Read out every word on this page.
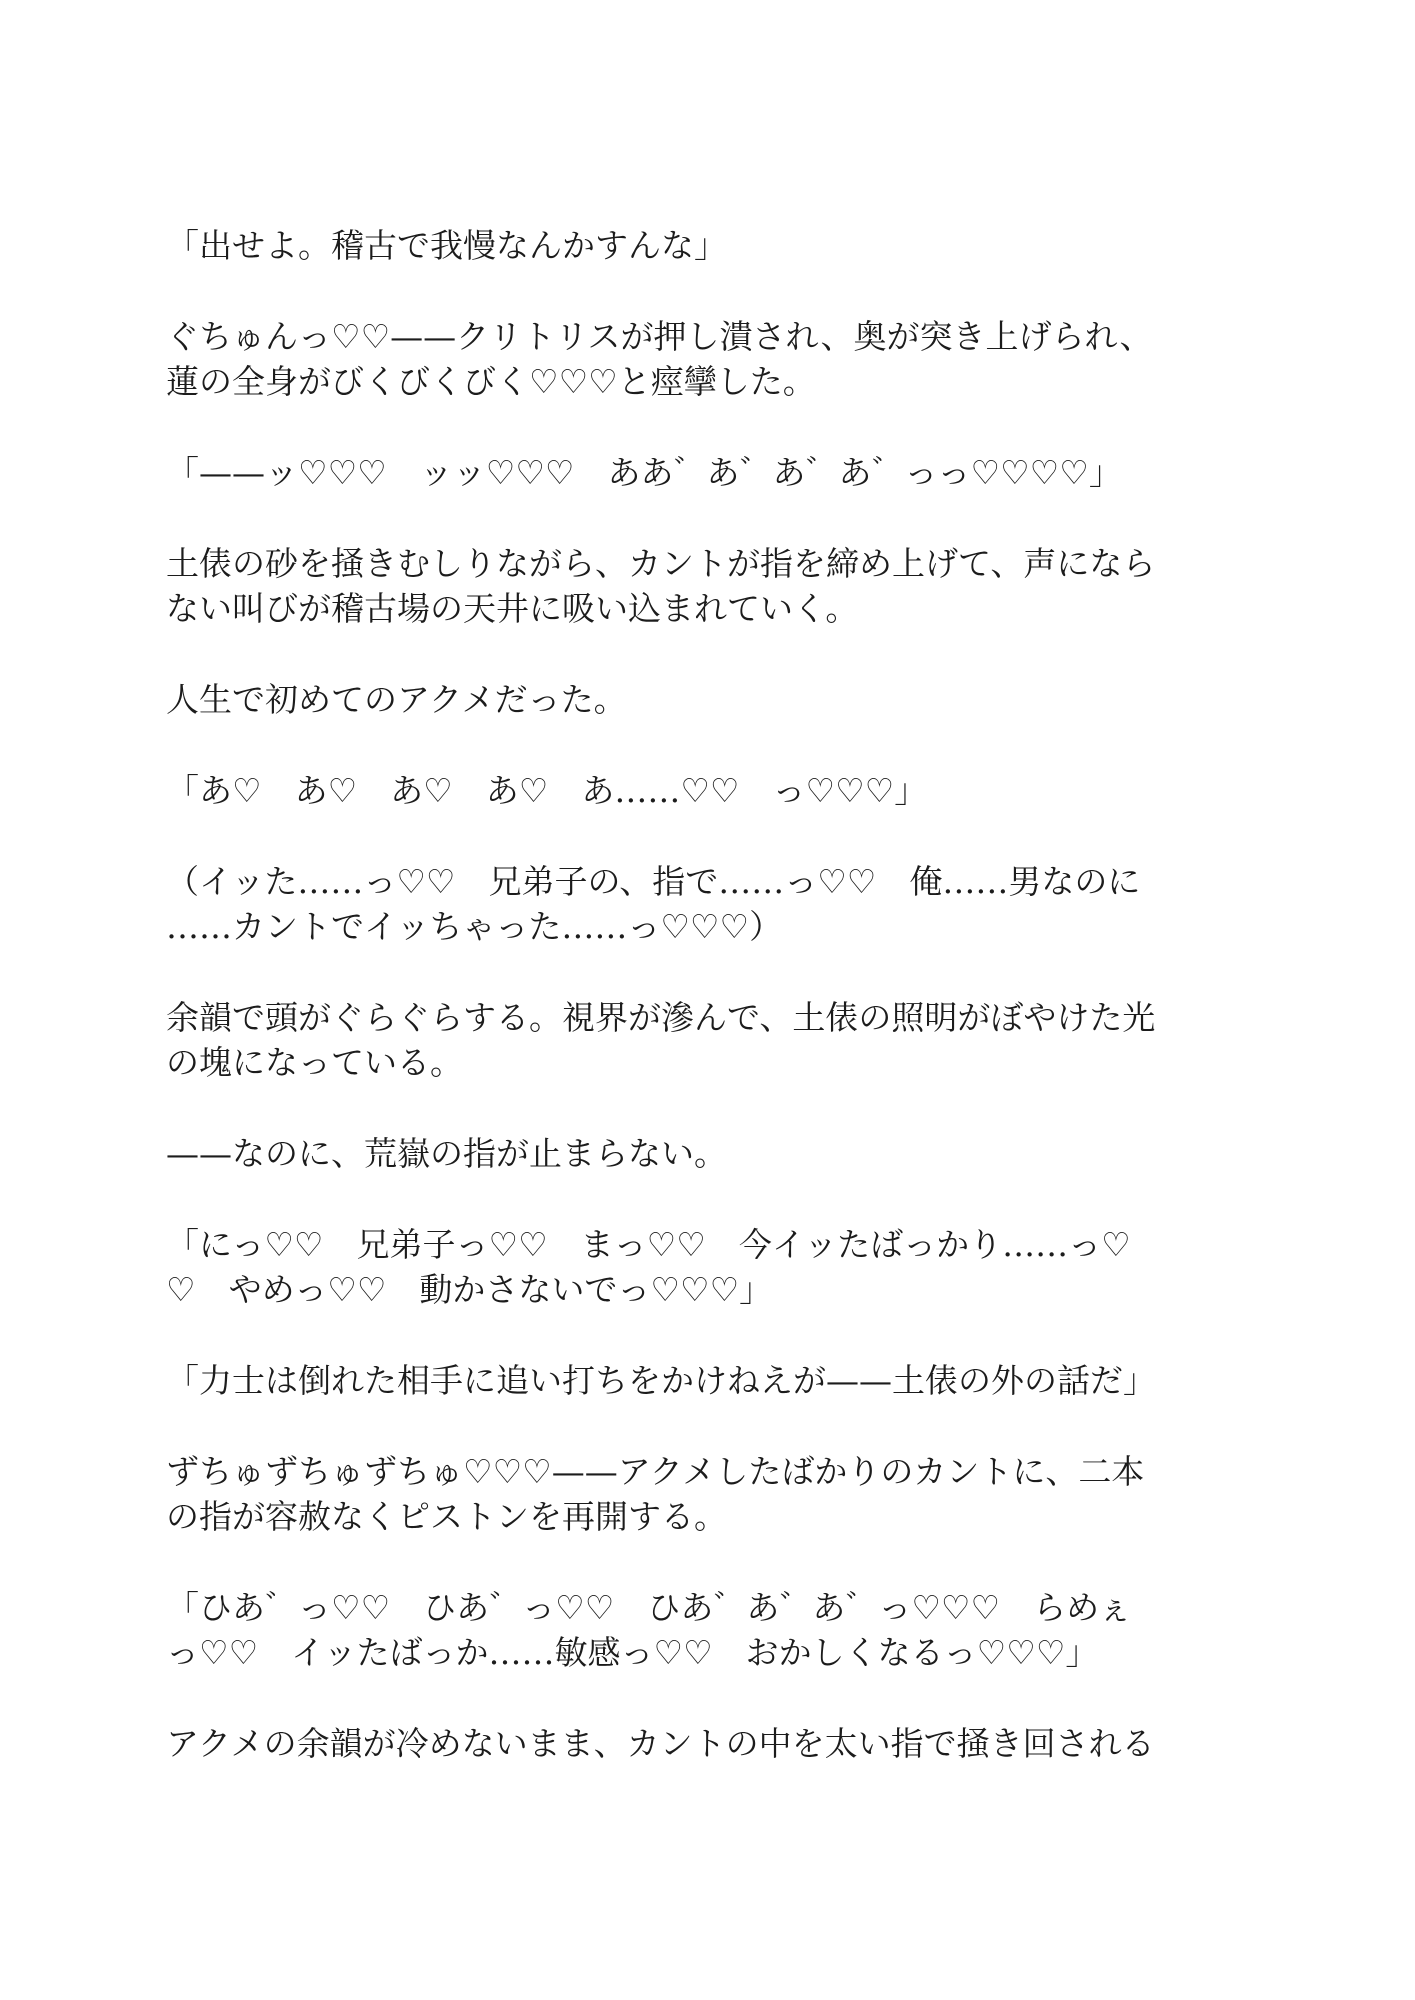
「出せよ。稽古で我慢なんかすんな」

ぐちゅんっ♡♡——クリトリスが押し潰され、奥が突き上げられ、
蓮の全身がびくびくびく♡♡♡と痙攣した。

「——ッ♡♡♡　ッッ♡♡♡　ああ゛あ゛あ゛あ゛っっ♡♡♡♡」

土俵の砂を掻きむしりながら、カントが指を締め上げて、声になら
ない叫びが稽古場の天井に吸い込まれていく。

人生で初めてのアクメだった。

「あ♡　あ♡　あ♡　あ♡　あ……♡♡　っ♡♡♡」

（イッた……っ♡♡　兄弟子の、指で……っ♡♡　俺……男なのに
……カントでイッちゃった……っ♡♡♡）

余韻で頭がぐらぐらする。視界が滲んで、土俵の照明がぼやけた光
の塊になっている。

——なのに、荒嶽の指が止まらない。

「にっ♡♡　兄弟子っ♡♡　まっ♡♡　今イッたばっかり……っ♡
♡　やめっ♡♡　動かさないでっ♡♡♡」

「力士は倒れた相手に追い打ちをかけねえが——土俵の外の話だ」

ずちゅずちゅずちゅ♡♡♡——アクメしたばかりのカントに、二本
の指が容赦なくピストンを再開する。

「ひあ゛っ♡♡　ひあ゛っ♡♡　ひあ゛あ゛あ゛っ♡♡♡　らめぇ
っ♡♡　イッたばっか……敏感っ♡♡　おかしくなるっ♡♡♡」

アクメの余韻が冷めないまま、カントの中を太い指で掻き回される
